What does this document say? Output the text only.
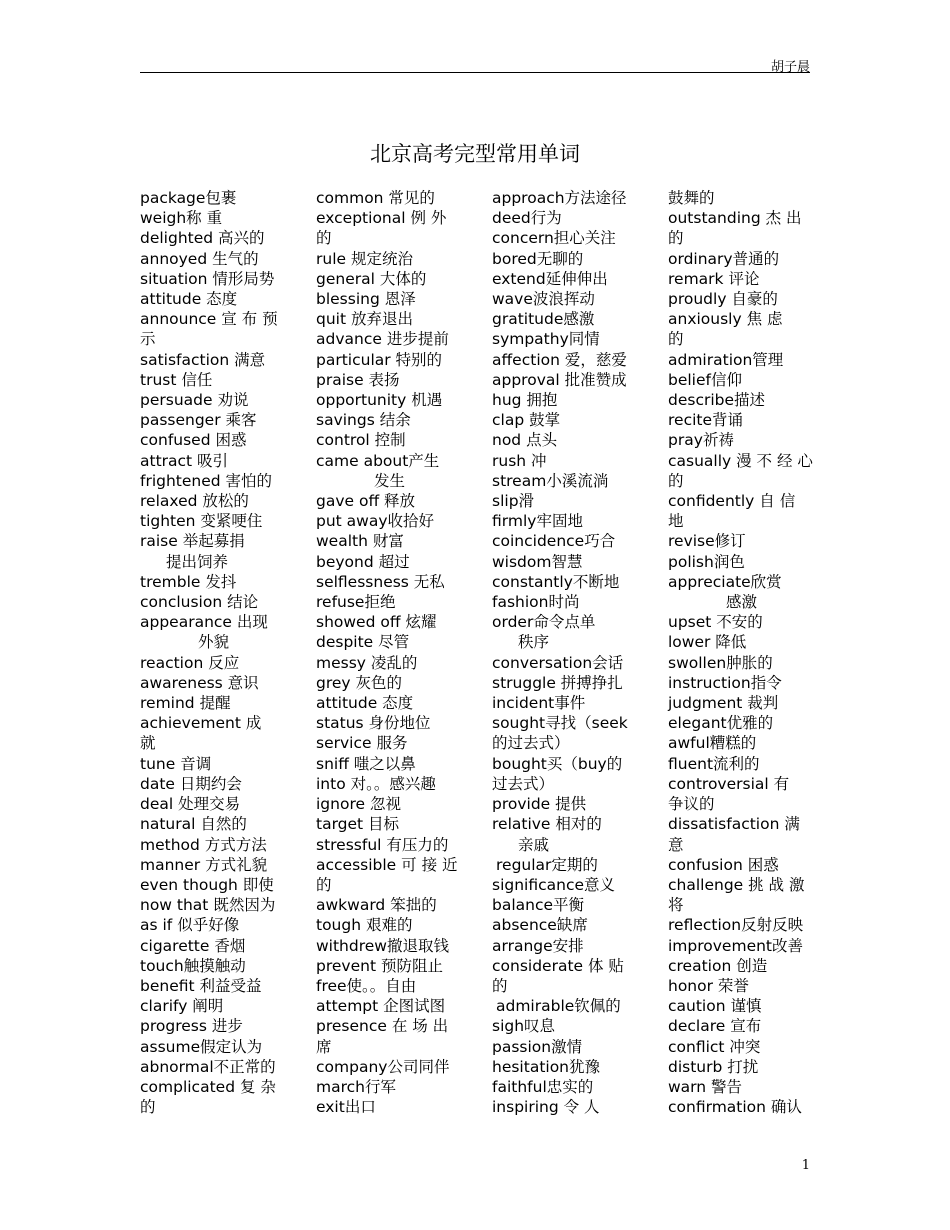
胡子晨
北京高考完型常用单词
package包裹
weigh称 重
delighted 高兴的
annoyed 生气的
situation 情形局势
attitude 态度
announce 宣 布 预
示
satisfaction 满意
trust 信任
persuade 劝说
passenger 乘客
confused 困惑
attract 吸引
frightened 害怕的
relaxed 放松的
tighten 变紧哽住
raise 举起募捐
提出饲养
tremble 发抖
conclusion 结论
appearance 出现
外貌
reaction 反应
awareness 意识
remind 提醒
achievement 成
就
tune 音调
date 日期约会
deal 处理交易
natural 自然的
method 方式方法
manner 方式礼貌
even though 即使
now that 既然因为
as if 似乎好像
cigarette 香烟
touch触摸触动
benefit 利益受益
clarify 阐明
progress 进步
assume假定认为
abnormal不正常的
complicated 复 杂
的
common 常见的
exceptional 例 外
的
rule 规定统治
general 大体的
blessing 恩泽
quit 放弃退出
advance 进步提前
particular 特别的
praise 表扬
opportunity 机遇
savings 结余
control 控制
came about产生
发生
gave off 释放
put away收拾好
wealth 财富
beyond 超过
selflessness 无私
refuse拒绝
showed off 炫耀
despite 尽管
messy 凌乱的
grey 灰色的
attitude 态度
status 身份地位
service 服务
sniff 嗤之以鼻
into 对。。感兴趣
ignore 忽视
target 目标
stressful 有压力的
accessible 可 接 近
的
awkward 笨拙的
tough 艰难的
withdrew撤退取钱
prevent 预防阻止
free使。。自由
attempt 企图试图
presence 在 场 出
席
company公司同伴
march行军
exit出口
approach方法途径
deed行为
concern担心关注
bored无聊的
extend延伸伸出
wave波浪挥动
gratitude感激
sympathy同情
affection 爱，慈爱
approval 批准赞成
hug 拥抱
clap 鼓掌
nod 点头
rush 冲
stream小溪流淌
slip滑
firmly牢固地
coincidence巧合
wisdom智慧
constantly不断地
fashion时尚
order命令点单
秩序
conversation会话
struggle 拼搏挣扎
incident事件
sought寻找（seek
的过去式）
bought买（buy的
过去式）
provide 提供
relative 相对的
亲戚
regular定期的
significance意义
balance平衡
absence缺席
arrange安排
considerate 体 贴
的
admirable钦佩的
sigh叹息
passion激情
hesitation犹豫
faithful忠实的
inspiring 令 人
鼓舞的
outstanding 杰 出
的
ordinary普通的
remark 评论
proudly 自豪的
anxiously 焦 虑
的
admiration管理
belief信仰
describe描述
recite背诵
pray祈祷
casually 漫 不 经 心
的
confidently 自 信
地
revise修订
polish润色
appreciate欣赏
感激
upset 不安的
lower 降低
swollen肿胀的
instruction指令
judgment 裁判
elegant优雅的
awful糟糕的
fluent流利的
controversial 有
争议的
dissatisfaction 满
意
confusion 困惑
challenge 挑 战 激
将
reflection反射反映
improvement改善
creation 创造
honor 荣誉
caution 谨慎
declare 宣布
conflict 冲突
disturb 打扰
warn 警告
confirmation 确认
1
